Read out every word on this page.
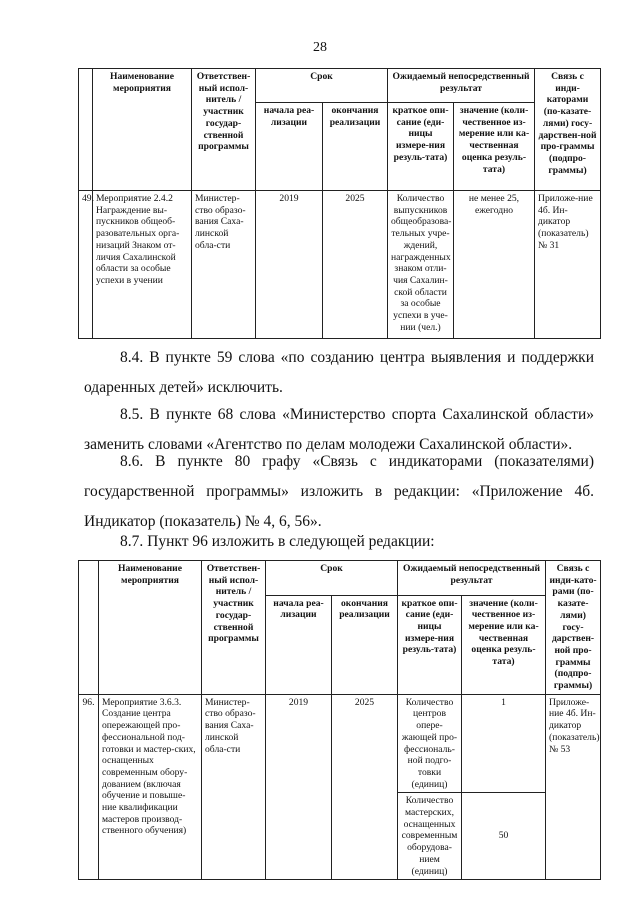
28
	Наименование мероприятия	Ответствен-ный испол-нитель / участник государ-ственной программы	Срок		Ожидаемый непосредственный результат		Связь с инди-каторами (по-казате-лями) госу-дарствен-ной про-граммы (подпро-граммы)
			начала реа-лизации	окончания реализации	краткое опи-сание (еди-ницы измере-ния резуль-тата)	значение (коли-чественное из-мерение или ка-чественная оценка резуль-тата)	
49.	Мероприятие 2.4.2 Награждение вы-пускников общеоб-разовательных орга-низаций Знаком от-личия Сахалинской области за особые успехи в учении	Министер-ство образо-вания Саха-линской обла-сти	2019	2025	Количество выпускников общеобразова-тельных учре-ждений, награжденных знаком отли-чия Сахалин-ской области за особые успехи в уче-нии (чел.)	не менее 25, ежегодно	Приложе-ние 4б. Ин-дикатор (показатель) № 31
8.4. В пункте 59 слова «по созданию центра выявления и поддержки одаренных детей» исключить.
8.5. В пункте 68 слова «Министерство спорта Сахалинской области» заменить словами «Агентство по делам молодежи Сахалинской области».
8.6. В пункте 80 графу «Связь с индикаторами (показателями) государственной программы» изложить в редакции: «Приложение 4б. Индикатор (показатель) № 4, 6, 56».
8.7. Пункт 96 изложить в следующей редакции:
	Наименование мероприятия	Ответствен-ный испол-нитель / участник государ-ственной программы	Срок		Ожидаемый непосредственный результат		Связь с инди-като-рами (по-казате-лями) госу-дарствен-ной про-граммы (подпро-граммы)
			начала реа-лизации	окончания реализации	краткое опи-сание (еди-ницы измере-ния резуль-тата)	значение (коли-чественное из-мерение или ка-чественная оценка резуль-тата)	
96.	Мероприятие 3.6.3. Создание центра опережающей про-фессиональной под-готовки и мастер-ских, оснащенных современным обору-дованием (включая обучение и повыше-ние квалификации мастеров производ-ственного обучения)	Министер-ство образо-вания Саха-линской обла-сти	2019	2025	Количество центров опере-жающей про-фессиональ-ной подго-товки (единиц)	1	Приложе-ние 4б. Ин-дикатор (показатель) № 53
					Количество мастерских, оснащенных современным оборудова-нием (единиц)	50	
